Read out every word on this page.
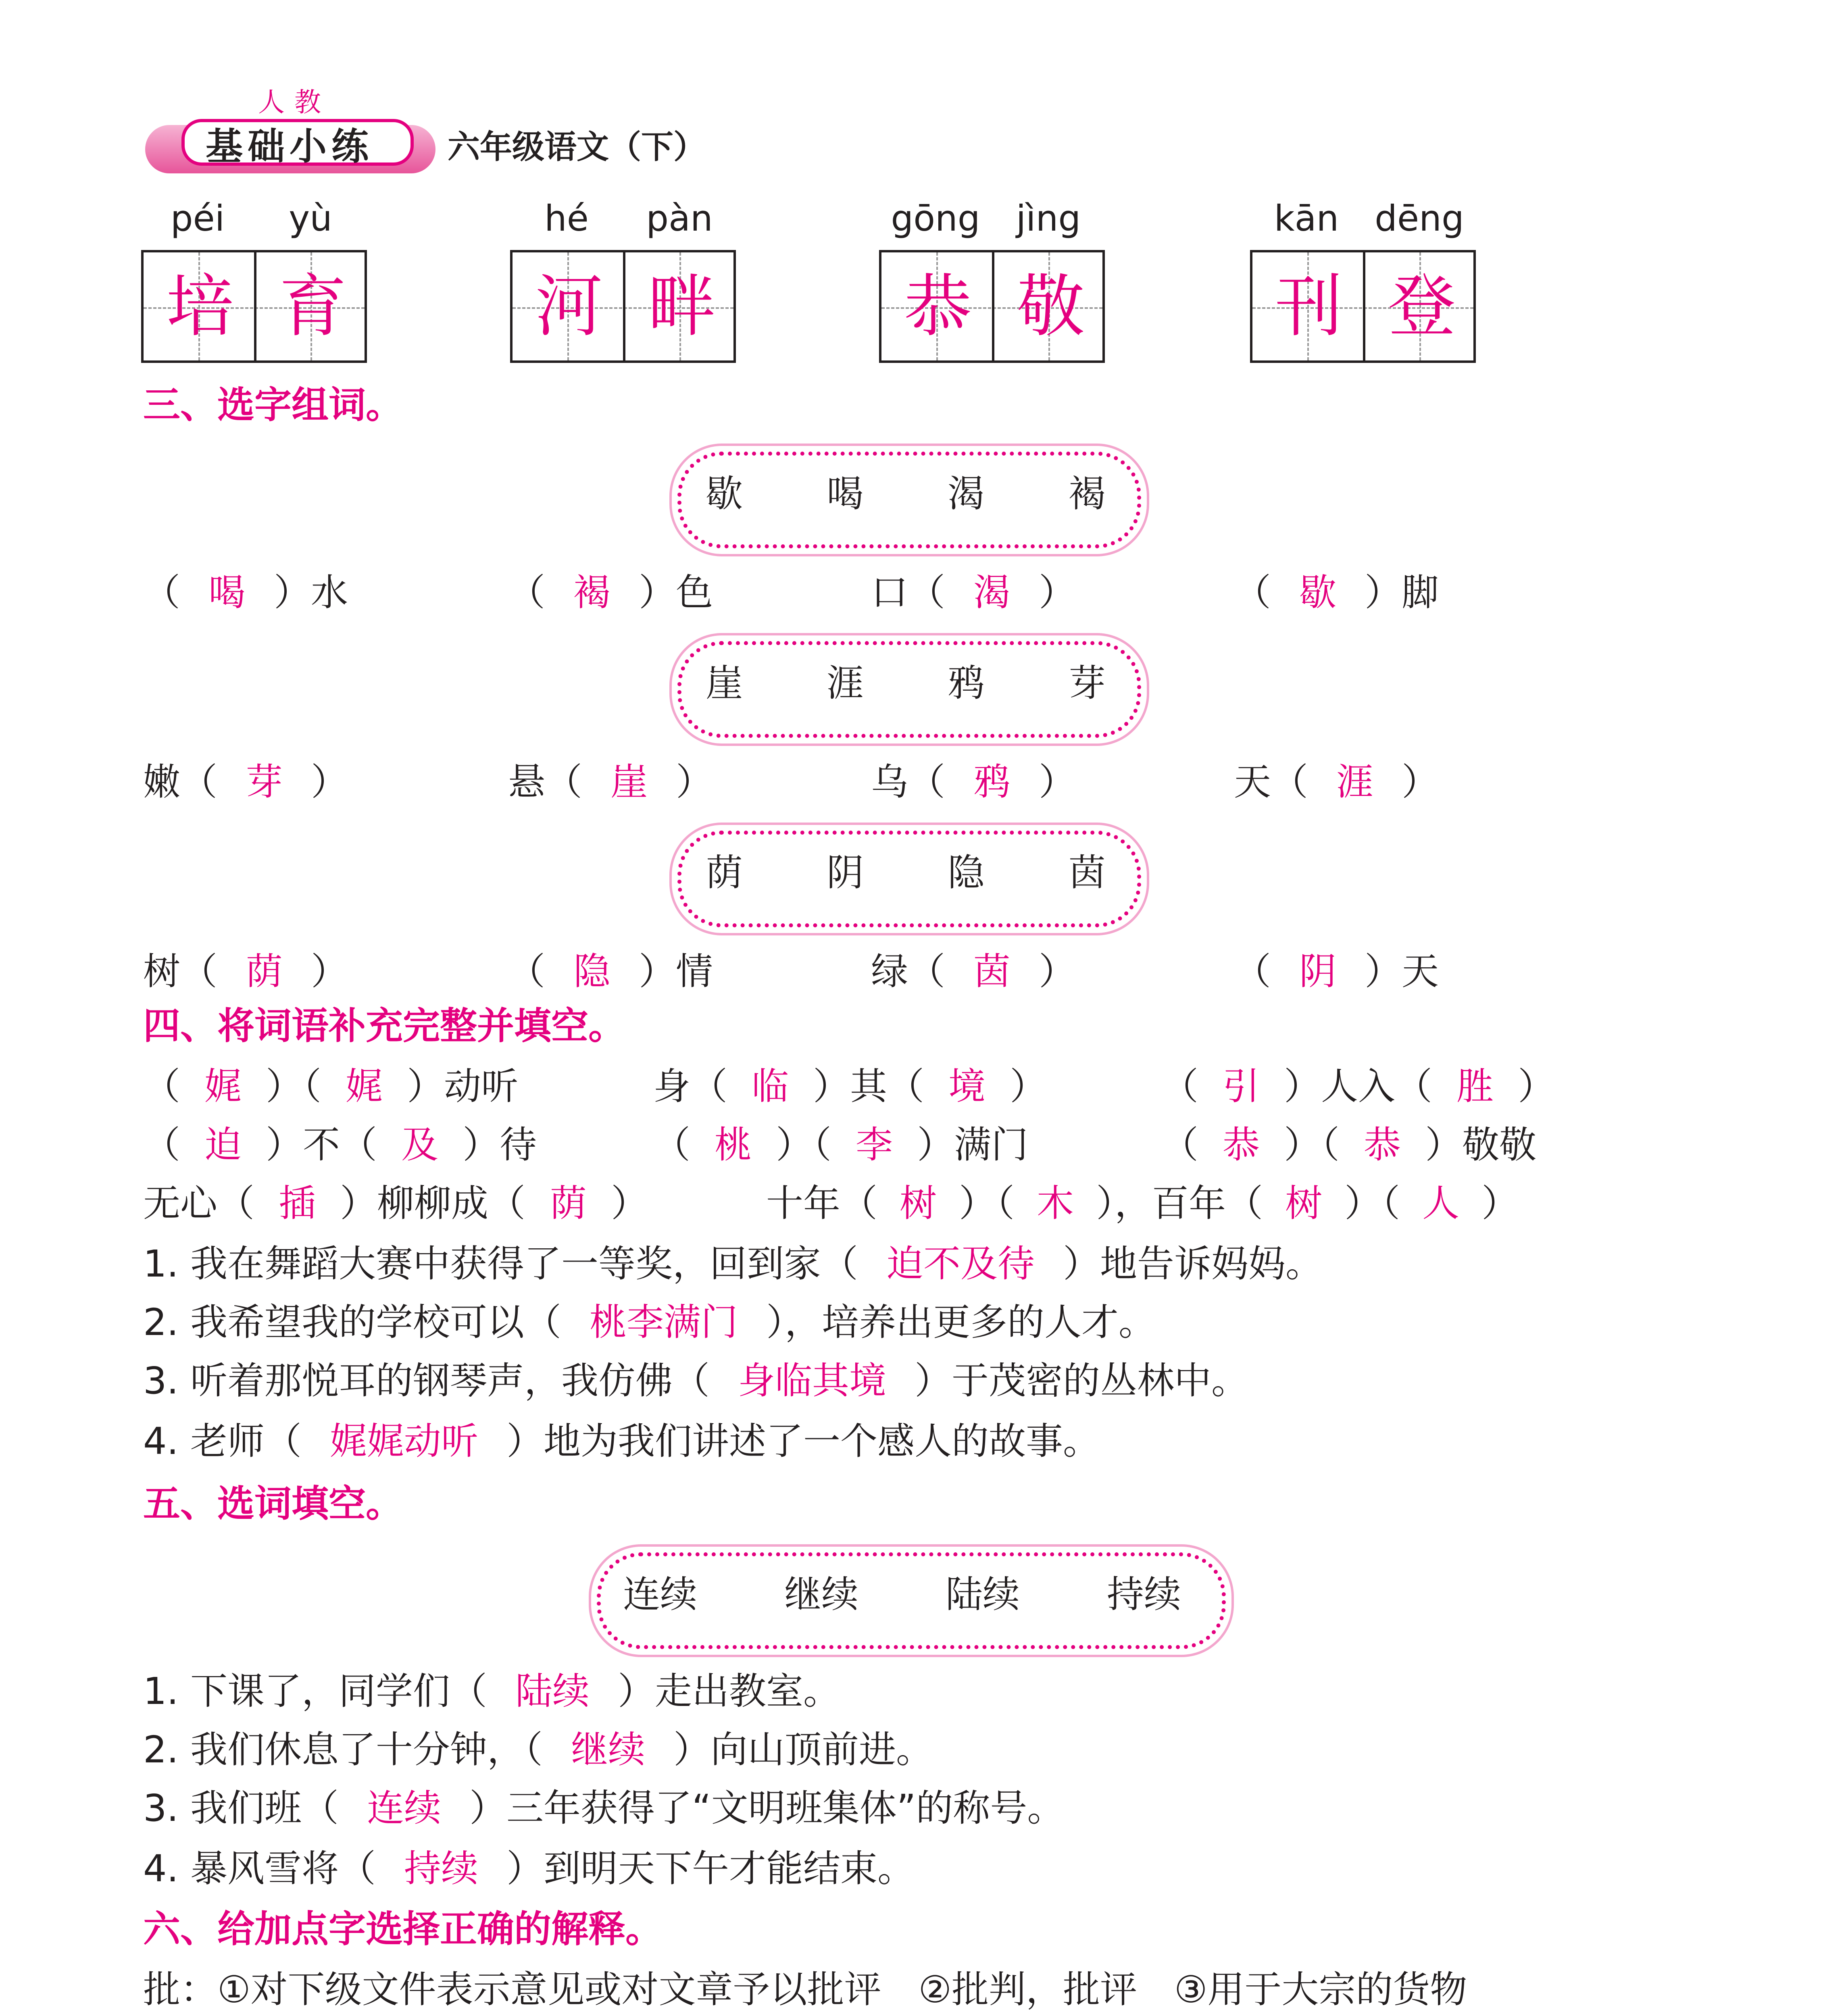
人教
基础小练 六年级语文（下）
péi	yù
培 育
hé	pàn
河 畔
gōng	jìng
恭 敬
kān	dēng
刊 登
三、选字组词。
歇 喝 渴 褐
（ 喝 ）水	（ 褐 ）色	口（ 渴 ）	（ 歇 ）脚
崖 涯 鸦 芽
嫩（ 芽 ）	悬（ 崖 ）	乌（ 鸦 ）	天（ 涯 ）
荫 阴 隐 茵
树（ 荫 ）	（ 隐 ）情	绿（ 茵 ）	（ 阴 ）天
四、将词语补充完整并填空。
（ 娓 ）（ 娓 ）动听	身（ 临 ）其（ 境 ）	（ 引 ）人入（ 胜 ）
（ 迫 ）不（ 及 ）待	（ 桃 ）（ 李 ）满门	（ 恭 ）（ 恭 ）敬敬
无心（ 插 ）柳柳成（ 荫 ）	十年（ 树 ）（ 木 ），百年（ 树 ）（ 人 ）
1. 我在舞蹈大赛中获得了一等奖，回到家（ 迫不及待 ）地告诉妈妈。
2. 我希望我的学校可以（ 桃李满门 ），培养出更多的人才。
3. 听着那悦耳的钢琴声，我仿佛（ 身临其境 ）于茂密的丛林中。
4. 老师（ 娓娓动听 ）地为我们讲述了一个感人的故事。
五、选词填空。
连续 继续 陆续 持续
1. 下课了，同学们（ 陆续 ）走出教室。
2. 我们休息了十分钟，（ 继续 ）向山顶前进。
3. 我们班（ 连续 ）三年获得了“文明班集体”的称号。
4. 暴风雪将（ 持续 ）到明天下午才能结束。
六、给加点字选择正确的解释。
批：①对下级文件表示意见或对文章予以批评　②批判，批评　③用于大宗的货物
